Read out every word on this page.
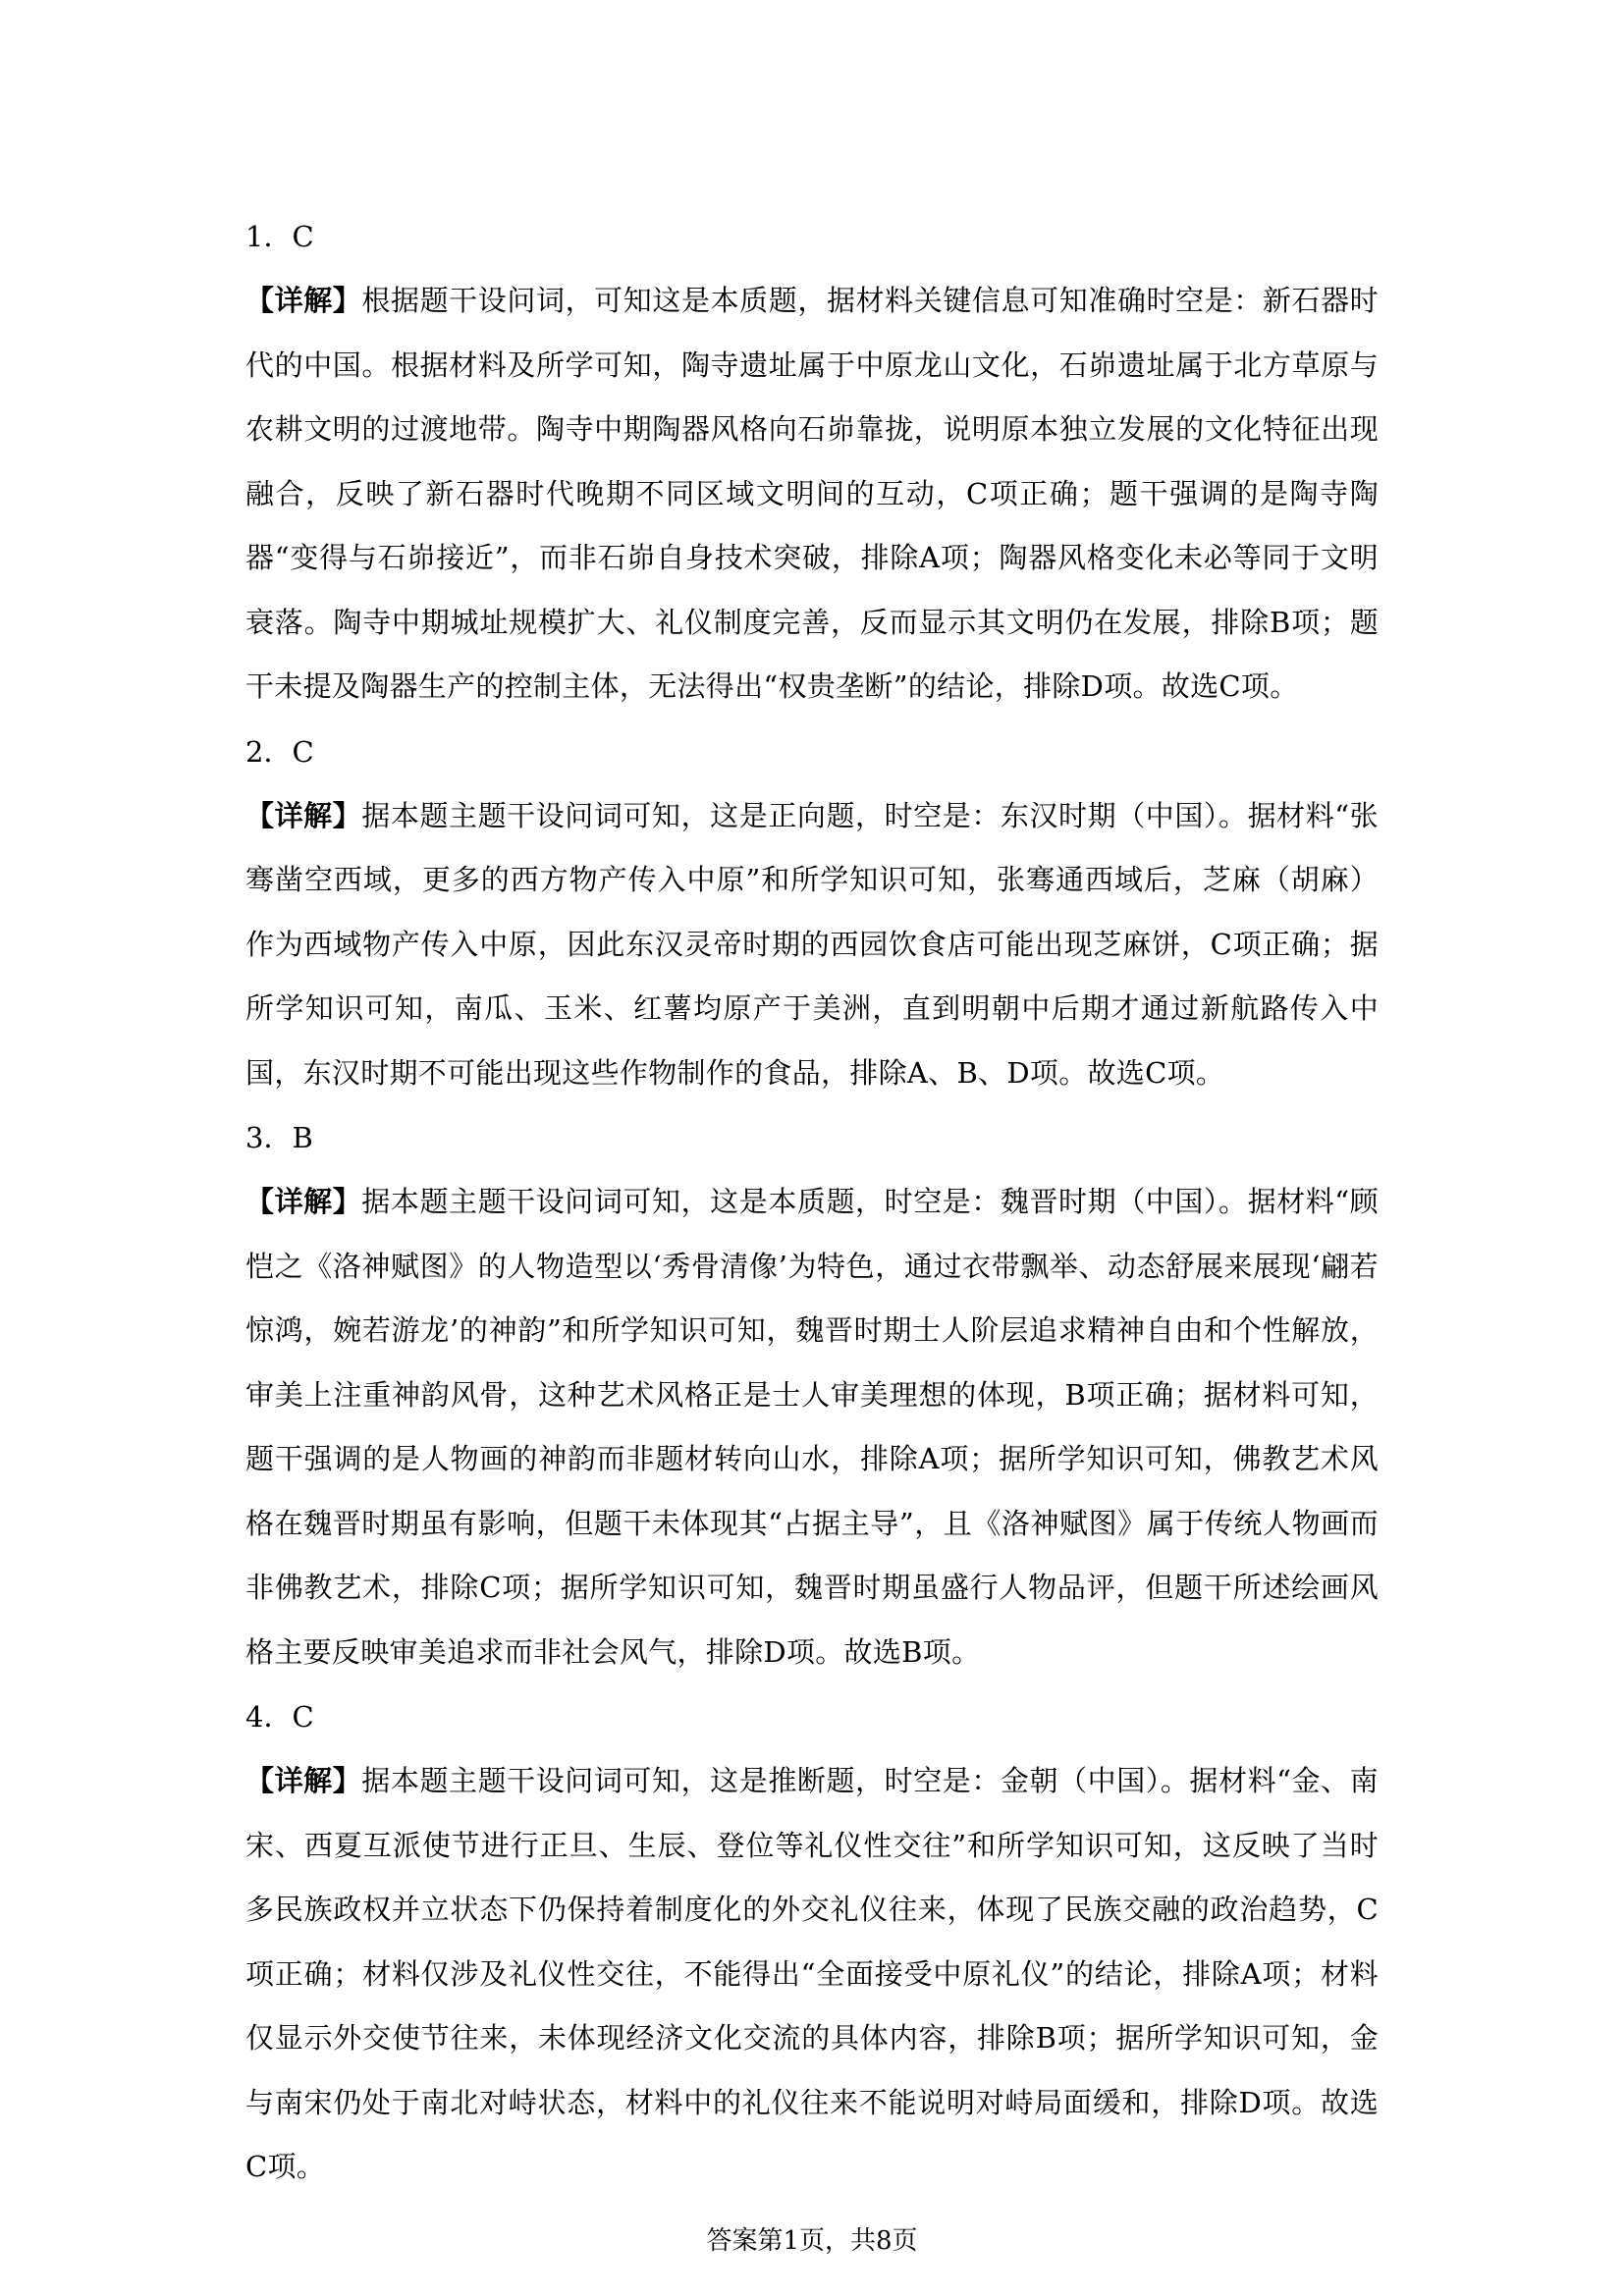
1．C
【详解】根据题干设问词，可知这是本质题，据材料关键信息可知准确时空是：新石器时代的中国。根据材料及所学可知，陶寺遗址属于中原龙山文化，石峁遗址属于北方草原与农耕文明的过渡地带。陶寺中期陶器风格向石峁靠拢，说明原本独立发展的文化特征出现融合，反映了新石器时代晚期不同区域文明间的互动，C项正确；题干强调的是陶寺陶器“变得与石峁接近”，而非石峁自身技术突破，排除A项；陶器风格变化未必等同于文明衰落。陶寺中期城址规模扩大、礼仪制度完善，反而显示其文明仍在发展，排除B项；题干未提及陶器生产的控制主体，无法得出“权贵垄断”的结论，排除D项。故选C项。
2．C
【详解】据本题主题干设问词可知，这是正向题，时空是：东汉时期（中国）。据材料“张骞凿空西域，更多的西方物产传入中原”和所学知识可知，张骞通西域后，芝麻（胡麻）作为西域物产传入中原，因此东汉灵帝时期的西园饮食店可能出现芝麻饼，C项正确；据所学知识可知，南瓜、玉米、红薯均原产于美洲，直到明朝中后期才通过新航路传入中国，东汉时期不可能出现这些作物制作的食品，排除A、B、D项。故选C项。
3．B
【详解】据本题主题干设问词可知，这是本质题，时空是：魏晋时期（中国）。据材料“顾恺之《洛神赋图》的人物造型以‘秀骨清像’为特色，通过衣带飘举、动态舒展来展现‘翩若惊鸿，婉若游龙’的神韵”和所学知识可知，魏晋时期士人阶层追求精神自由和个性解放，审美上注重神韵风骨，这种艺术风格正是士人审美理想的体现，B项正确；据材料可知，题干强调的是人物画的神韵而非题材转向山水，排除A项；据所学知识可知，佛教艺术风格在魏晋时期虽有影响，但题干未体现其“占据主导”，且《洛神赋图》属于传统人物画而非佛教艺术，排除C项；据所学知识可知，魏晋时期虽盛行人物品评，但题干所述绘画风格主要反映审美追求而非社会风气，排除D项。故选B项。
4．C
【详解】据本题主题干设问词可知，这是推断题，时空是：金朝（中国）。据材料“金、南宋、西夏互派使节进行正旦、生辰、登位等礼仪性交往”和所学知识可知，这反映了当时多民族政权并立状态下仍保持着制度化的外交礼仪往来，体现了民族交融的政治趋势，C项正确；材料仅涉及礼仪性交往，不能得出“全面接受中原礼仪”的结论，排除A项；材料仅显示外交使节往来，未体现经济文化交流的具体内容，排除B项；据所学知识可知，金与南宋仍处于南北对峙状态，材料中的礼仪往来不能说明对峙局面缓和，排除D项。故选C项。
答案第1页，共8页
